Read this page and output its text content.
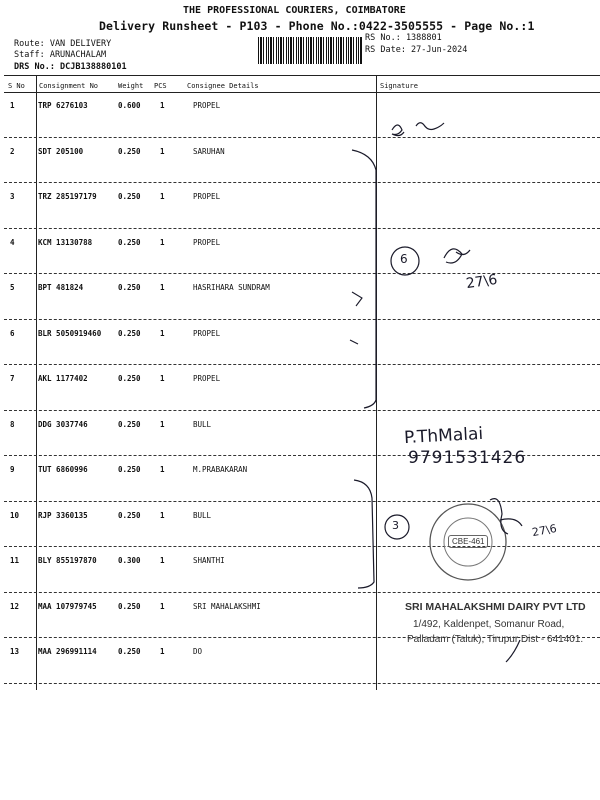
THE PROFESSIONAL COURIERS, COIMBATORE
Delivery Runsheet - P103 - Phone No.:0422-3505555 - Page No.:1
Route: VAN DELIVERY
Staff: ARUNACHALAM
DRS No.: DCJB138880101
RS No.: 1388801
RS Date: 27-Jun-2024
S No Consignment No	Weight PCS	Consignee Details	Signature
1	TRP 6276103	0.600	1	PROPEL
2	SDT 205100	0.250	1	SARUHAN
3	TRZ 285197179	0.250	1	PROPEL
4	KCM 13130788	0.250	1	PROPEL
5	BPT 481824	0.250	1	HASRIHARA SUNDRAM
6	BLR 5050919460 0.250	1	PROPEL
7	AKL 1177402	0.250	1	PROPEL
8	DDG 3037746	0.250	1	BULL
9	TUT 6860996	0.250	1	M.PRABAKARAN
10	RJP 3360135	0.250	1	BULL
11	BLY 855197870	0.300	1	SHANTHI
12	MAA 107979745	0.250	1	SRI MAHALAKSHMI
13	MAA 296991114	0.250	1	DO
6
27\6
P.ThMalai
9791531426
3	27\6
CBE-461
SRI MAHALAKSHMI DAIRY PVT LTD
1/492, Kaldenpet, Somanur Road,
Palladam (Taluk), Tirupur Dist - 641401.
